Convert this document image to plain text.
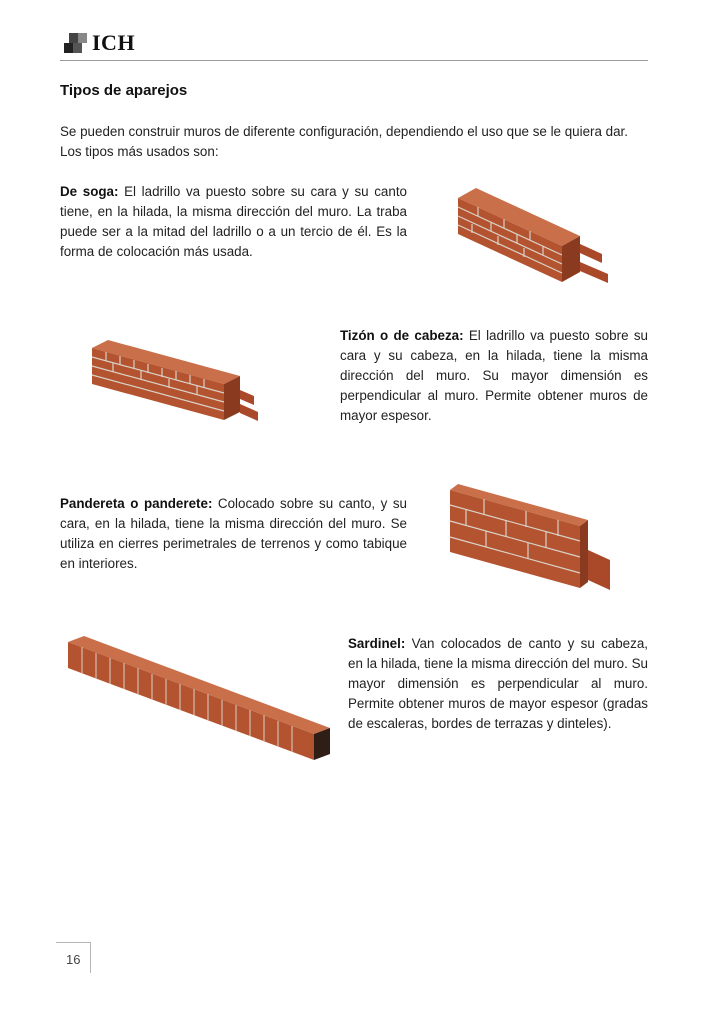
ICH
Tipos de aparejos

Se pueden construir muros de diferente configuración, dependiendo el uso que se le quiera dar. Los tipos más usados son:

De soga: El ladrillo va puesto sobre su cara y su canto tiene, en la hilada, la misma dirección del muro. La traba puede ser a la mitad del ladrillo o a un tercio de él. Es la forma de colocación más usada.

Tizón o de cabeza: El ladrillo va puesto sobre su cara y su cabeza, en la hilada, tiene la misma dirección del muro. Su mayor dimensión es perpendicular al muro. Permite obtener muros de mayor espesor.

Pandereta o panderete: Colocado sobre su canto, y su cara, en la hilada, tiene la misma dirección del muro. Se utiliza en cierres perimetrales de terrenos y como tabique en interiores.

Sardinel: Van colocados de canto y su cabeza, en la hilada, tiene la misma dirección del muro. Su mayor dimensión es perpendicular al muro. Permite obtener muros de mayor espesor (gradas de escaleras, bordes de terrazas y dinteles).

16
